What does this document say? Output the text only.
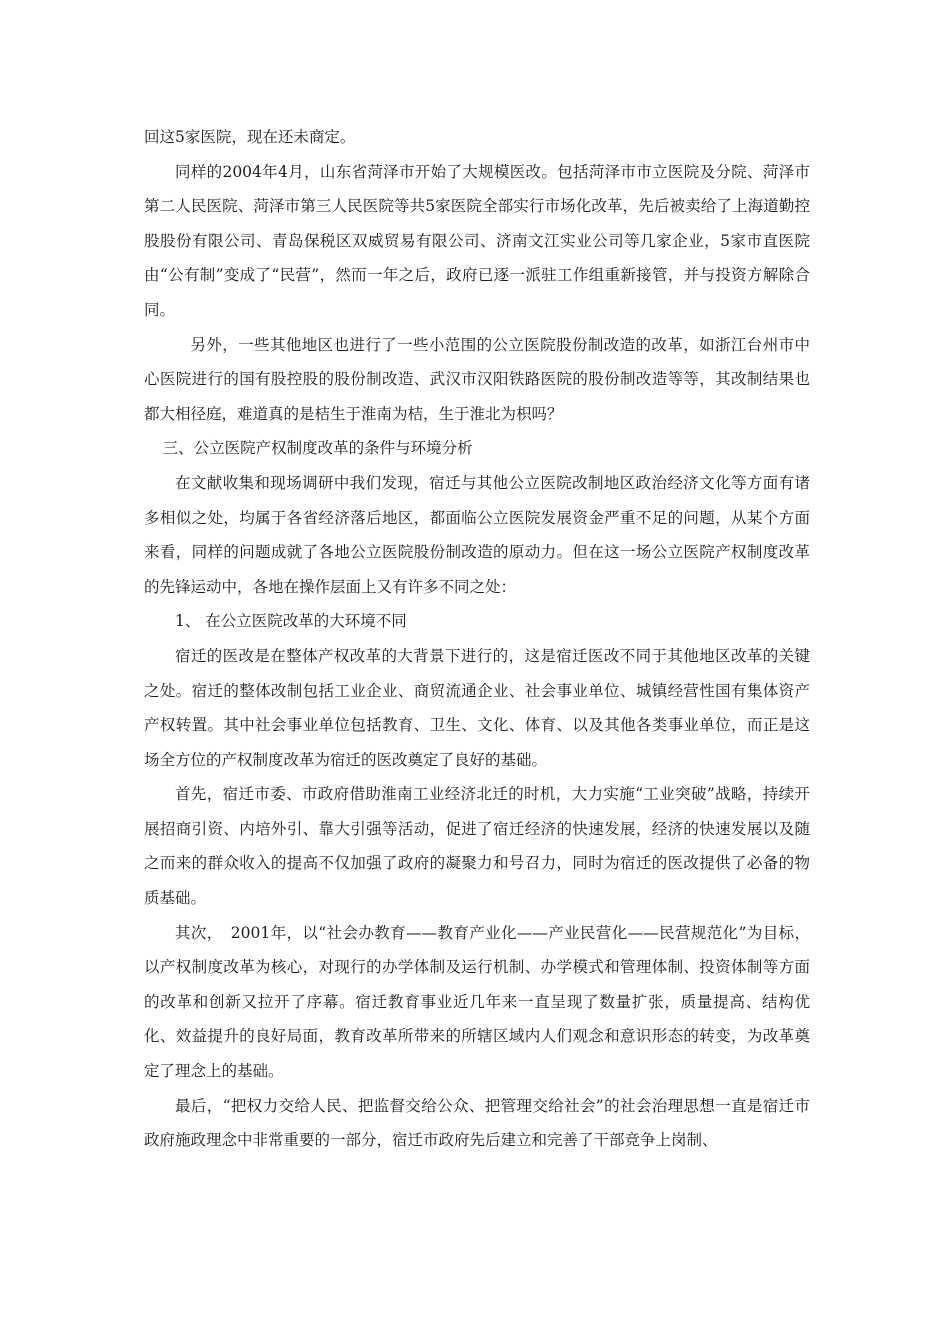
回这5家医院，现在还未商定。

同样的2004年4月，山东省菏泽市开始了大规模医改。包括菏泽市市立医院及分院、菏泽市第二人民医院、菏泽市第三人民医院等共5家医院全部实行市场化改革，先后被卖给了上海道勤控股股份有限公司、青岛保税区双威贸易有限公司、济南文江实业公司等几家企业，5家市直医院由“公有制”变成了“民营”，然而一年之后，政府已逐一派驻工作组重新接管，并与投资方解除合同。

另外，一些其他地区也进行了一些小范围的公立医院股份制改造的改革，如浙江台州市中心医院进行的国有股控股的股份制改造、武汉市汉阳铁路医院的股份制改造等等，其改制结果也都大相径庭，难道真的是桔生于淮南为桔，生于淮北为枳吗？

三、公立医院产权制度改革的条件与环境分析

在文献收集和现场调研中我们发现，宿迁与其他公立医院改制地区政治经济文化等方面有诸多相似之处，均属于各省经济落后地区，都面临公立医院发展资金严重不足的问题，从某个方面来看，同样的问题成就了各地公立医院股份制改造的原动力。但在这一场公立医院产权制度改革的先锋运动中，各地在操作层面上又有许多不同之处：

1、 在公立医院改革的大环境不同

宿迁的医改是在整体产权改革的大背景下进行的，这是宿迁医改不同于其他地区改革的关键之处。宿迁的整体改制包括工业企业、商贸流通企业、社会事业单位、城镇经营性国有集体资产产权转置。其中社会事业单位包括教育、卫生、文化、体育、以及其他各类事业单位，而正是这场全方位的产权制度改革为宿迁的医改奠定了良好的基础。

首先，宿迁市委、市政府借助淮南工业经济北迁的时机，大力实施“工业突破”战略，持续开展招商引资、内培外引、靠大引强等活动，促进了宿迁经济的快速发展，经济的快速发展以及随之而来的群众收入的提高不仅加强了政府的凝聚力和号召力，同时为宿迁的医改提供了必备的物质基础。

其次，　2001年，以“社会办教育——教育产业化——产业民营化——民营规范化”为目标，以产权制度改革为核心，对现行的办学体制及运行机制、办学模式和管理体制、投资体制等方面的改革和创新又拉开了序幕。宿迁教育事业近几年来一直呈现了数量扩张，质量提高、结构优化、效益提升的良好局面，教育改革所带来的所辖区域内人们观念和意识形态的转变，为改革奠定了理念上的基础。

最后，“把权力交给人民、把监督交给公众、把管理交给社会”的社会治理思想一直是宿迁市政府施政理念中非常重要的一部分，宿迁市政府先后建立和完善了干部竞争上岗制、
